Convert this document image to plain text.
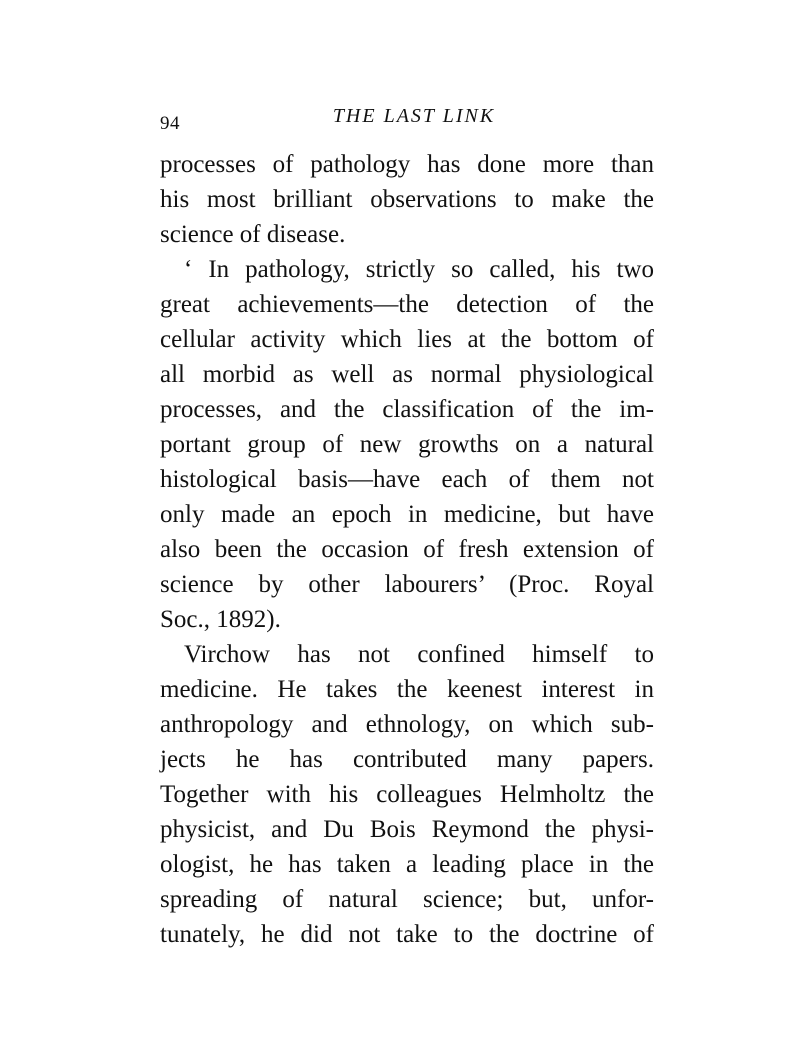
94	THE LAST LINK
processes of pathology has done more than
his most brilliant observations to make the
science of disease.
‘ In pathology, strictly so called, his two
great achievements—the detection of the
cellular activity which lies at the bottom of
all morbid as well as normal physiological
processes, and the classification of the im-
portant group of new growths on a natural
histological basis—have each of them not
only made an epoch in medicine, but have
also been the occasion of fresh extension of
science by other labourers’ (Proc. Royal
Soc., 1892).
Virchow has not confined himself to
medicine. He takes the keenest interest in
anthropology and ethnology, on which sub-
jects he has contributed many papers.
Together with his colleagues Helmholtz the
physicist, and Du Bois Reymond the physi-
ologist, he has taken a leading place in the
spreading of natural science; but, unfor-
tunately, he did not take to the doctrine of
